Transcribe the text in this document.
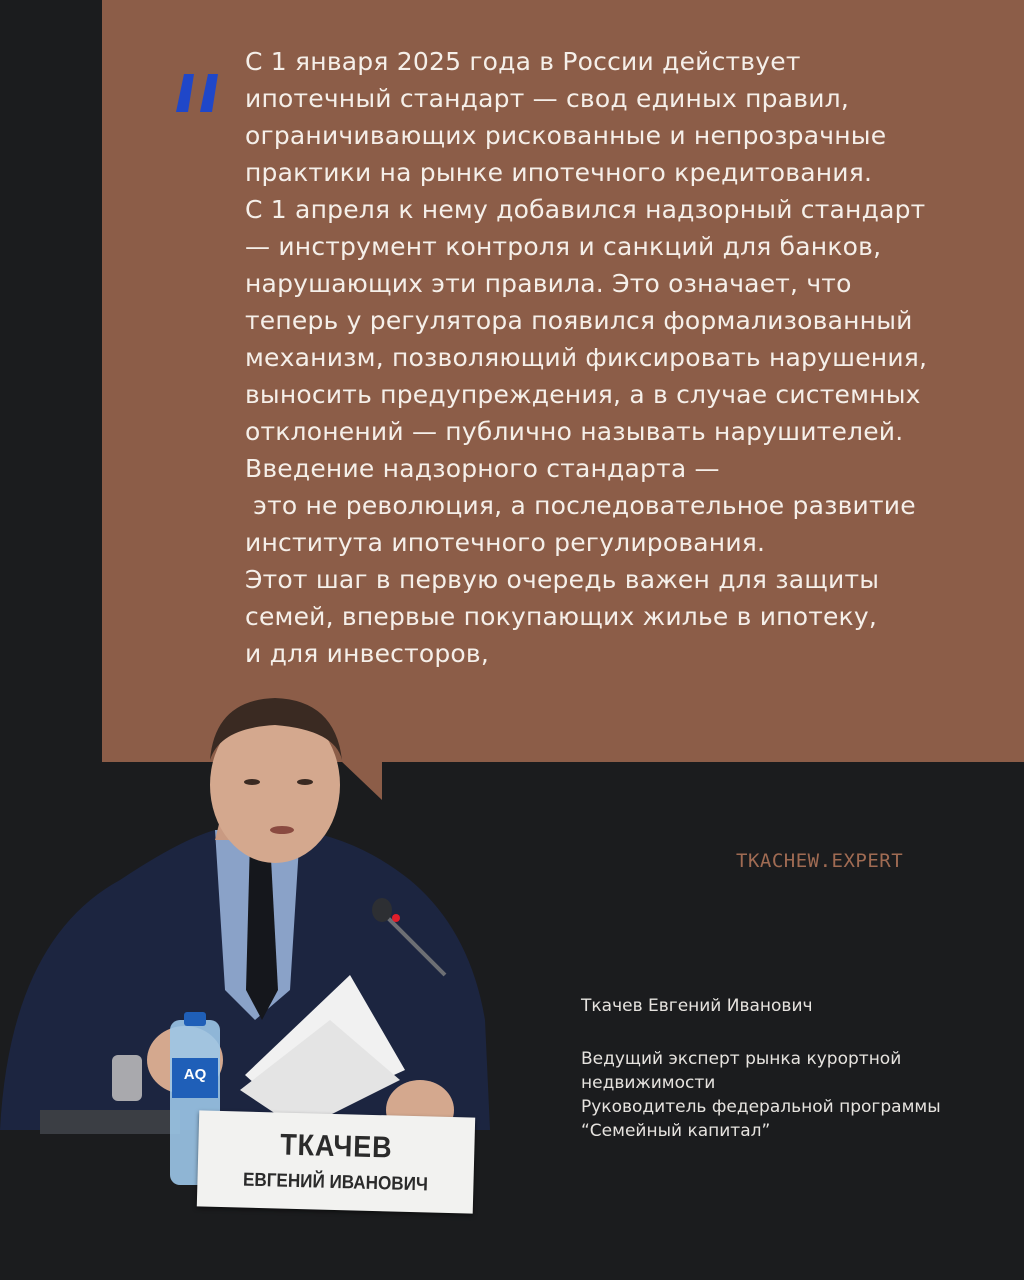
С 1 января 2025 года в России действует
ипотечный стандарт — свод единых правил,
ограничивающих рискованные и непрозрачные
практики на рынке ипотечного кредитования.
С 1 апреля к нему добавился надзорный стандарт
— инструмент контроля и санкций для банков,
нарушающих эти правила. Это означает, что
теперь у регулятора появился формализованный
механизм, позволяющий фиксировать нарушения,
выносить предупреждения, а в случае системных
отклонений — публично называть нарушителей.
Введение надзорного стандарта —
это не революция, а последовательное развитие
института ипотечного регулирования.
Этот шаг в первую очередь важен для защиты
семей, впервые покупающих жилье в ипотеку,
и для инвесторов,
AQ
ТКАЧЕВ
ЕВГЕНИЙ ИВАНОВИЧ
TKACHEW.EXPERT
Ткачев Евгений Иванович
Ведущий эксперт рынка курортной
недвижимости
Руководитель федеральной программы
“Семейный капитал”
